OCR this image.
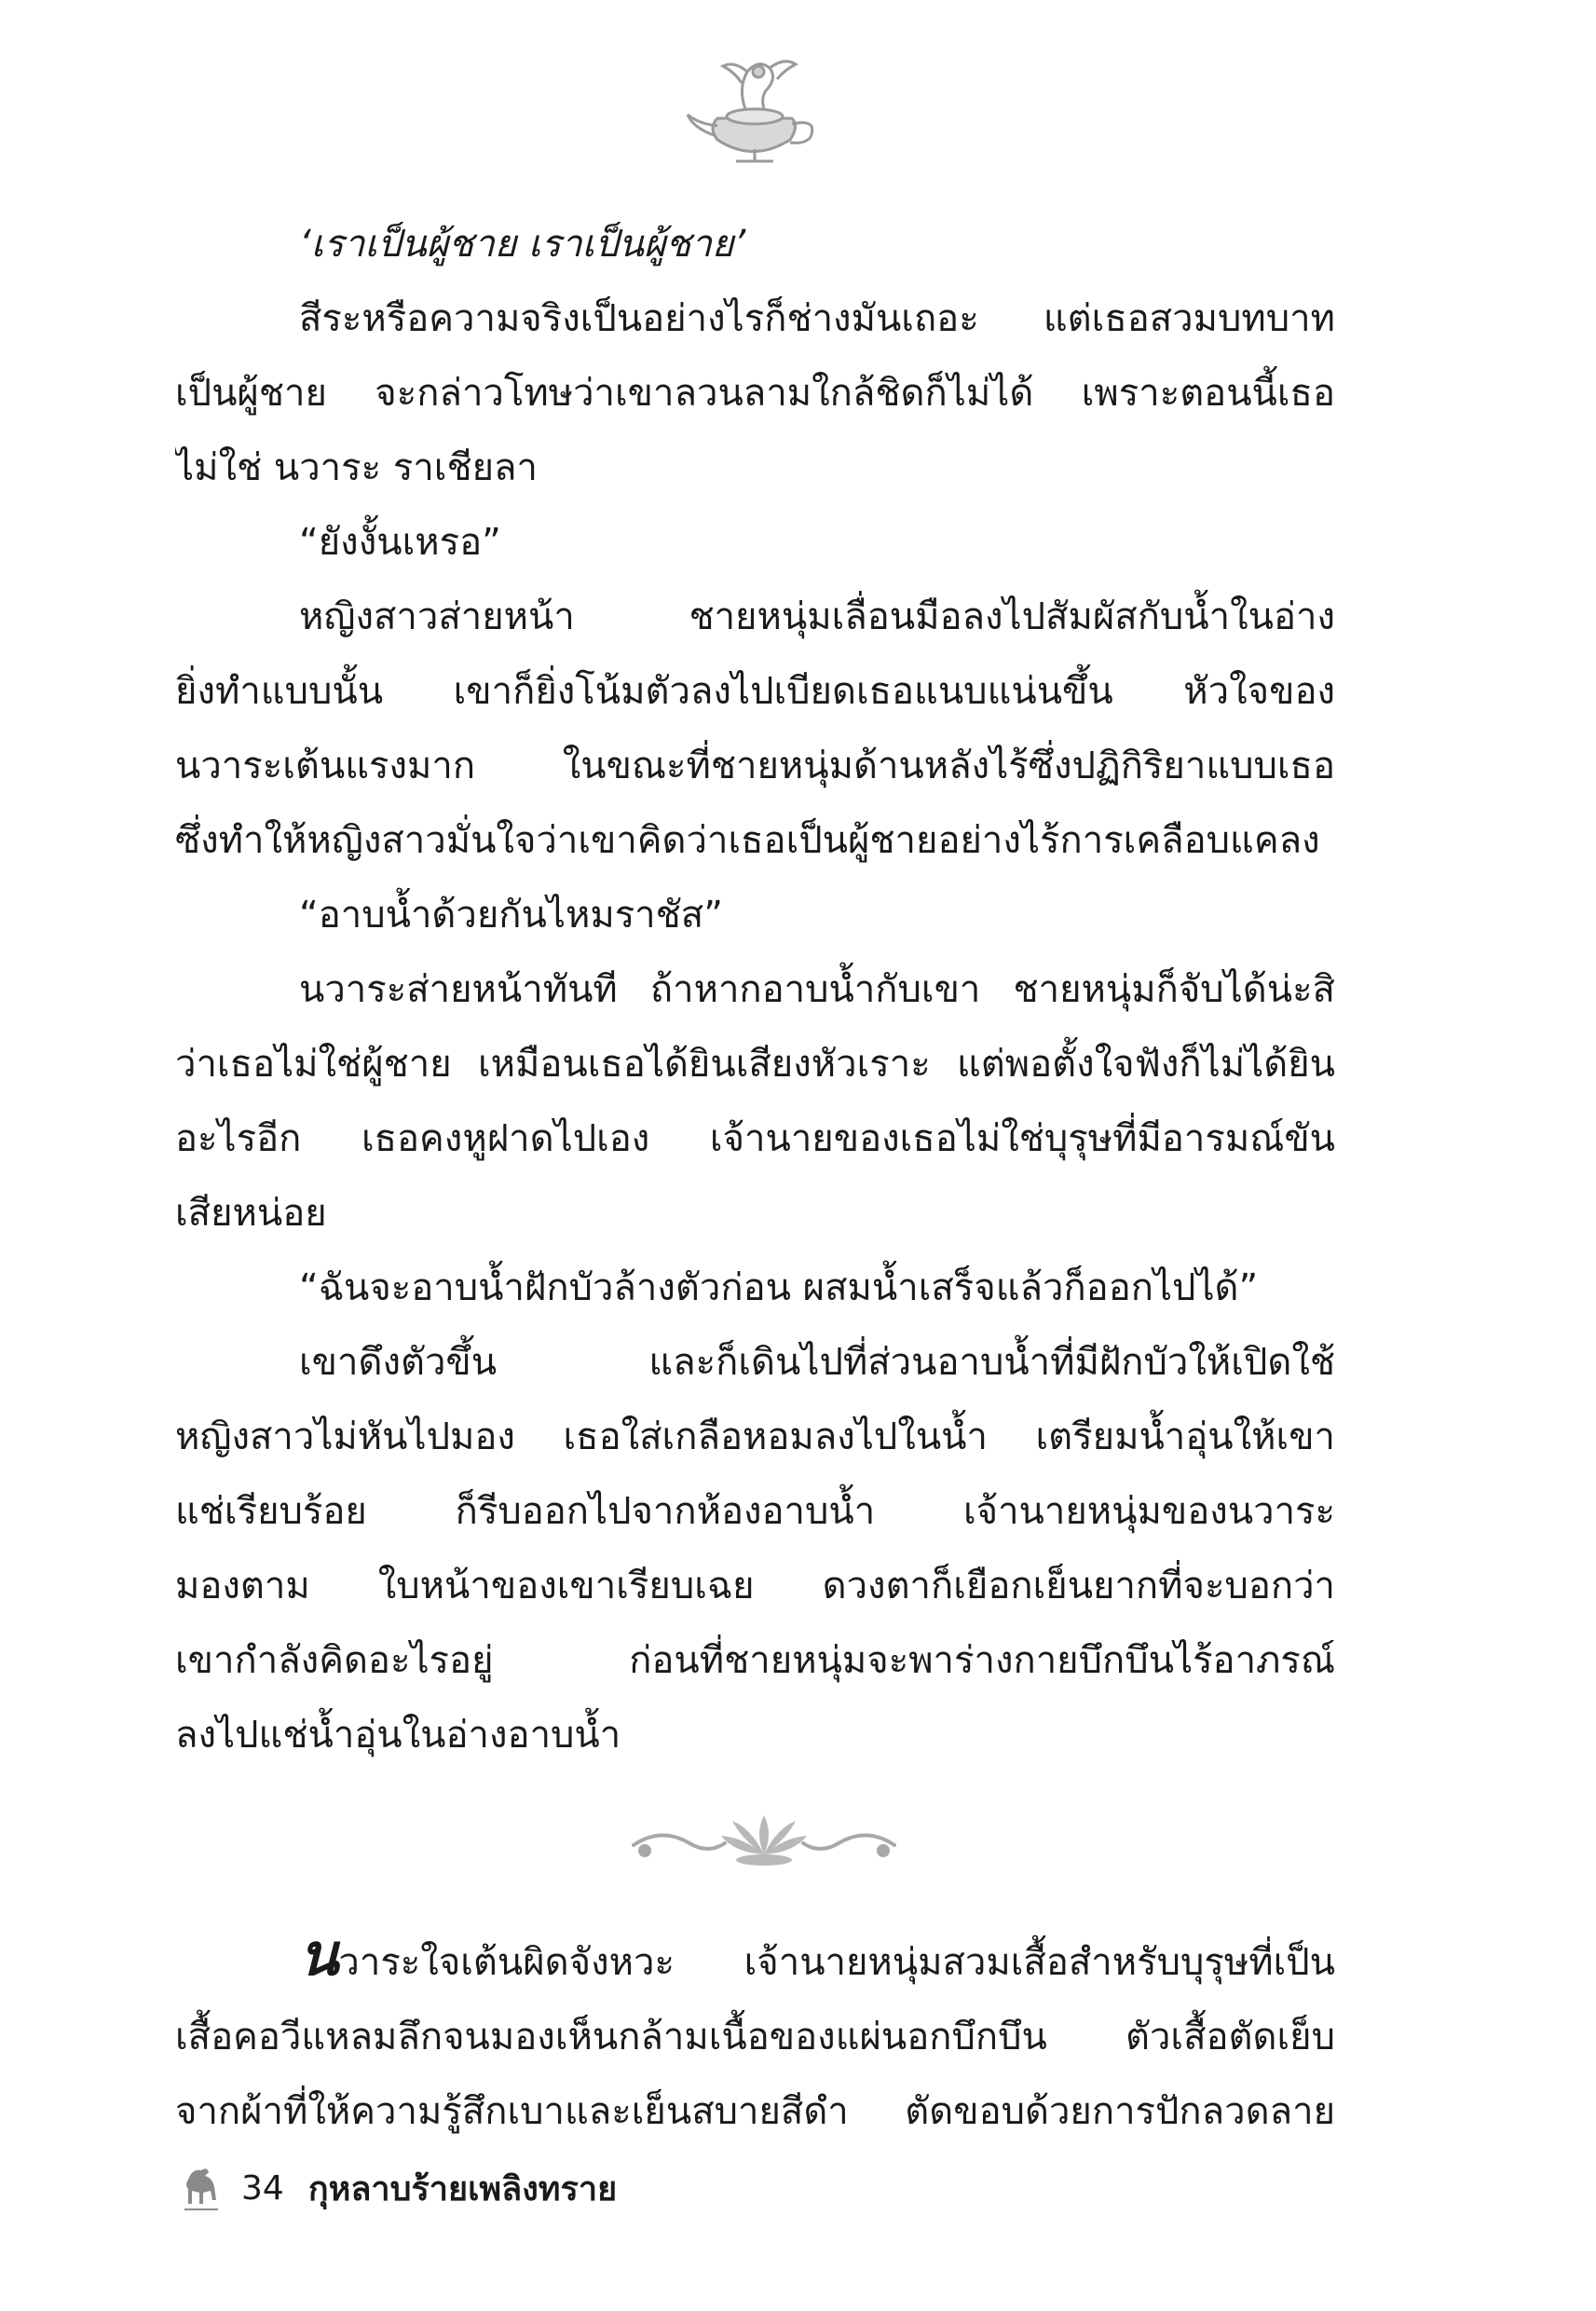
‘เราเป็นผู้ชาย เราเป็นผู้ชาย’
สีระหรือความจริงเป็นอย่างไรก็ช่างมันเถอะ แต่เธอสวมบทบาท
เป็นผู้ชาย จะกล่าวโทษว่าเขาลวนลามใกล้ชิดก็ไม่ได้ เพราะตอนนี้เธอ
ไม่ใช่ นวาระ ราเชียลา
“ยังงั้นเหรอ”
หญิงสาวส่ายหน้า ชายหนุ่มเลื่อนมือลงไปสัมผัสกับน้ำในอ่าง
ยิ่งทำแบบนั้น เขาก็ยิ่งโน้มตัวลงไปเบียดเธอแนบแน่นขึ้น หัวใจของ
นวาระเต้นแรงมาก ในขณะที่ชายหนุ่มด้านหลังไร้ซึ่งปฏิกิริยาแบบเธอ
ซึ่งทำให้หญิงสาวมั่นใจว่าเขาคิดว่าเธอเป็นผู้ชายอย่างไร้การเคลือบแคลง
“อาบน้ำด้วยกันไหมราชัส”
นวาระส่ายหน้าทันที ถ้าหากอาบน้ำกับเขา ชายหนุ่มก็จับได้น่ะสิ
ว่าเธอไม่ใช่ผู้ชาย เหมือนเธอได้ยินเสียงหัวเราะ แต่พอตั้งใจฟังก็ไม่ได้ยิน
อะไรอีก เธอคงหูฝาดไปเอง เจ้านายของเธอไม่ใช่บุรุษที่มีอารมณ์ขัน
เสียหน่อย
“ฉันจะอาบน้ำฝักบัวล้างตัวก่อน ผสมน้ำเสร็จแล้วก็ออกไปได้”
เขาดึงตัวขึ้น และก็เดินไปที่ส่วนอาบน้ำที่มีฝักบัวให้เปิดใช้
หญิงสาวไม่หันไปมอง เธอใส่เกลือหอมลงไปในน้ำ เตรียมน้ำอุ่นให้เขา
แช่เรียบร้อย ก็รีบออกไปจากห้องอาบน้ำ เจ้านายหนุ่มของนวาระ
มองตาม ใบหน้าของเขาเรียบเฉย ดวงตาก็เยือกเย็นยากที่จะบอกว่า
เขากำลังคิดอะไรอยู่ ก่อนที่ชายหนุ่มจะพาร่างกายบึกบึนไร้อาภรณ์
ลงไปแช่น้ำอุ่นในอ่างอาบน้ำ
นวาระใจเต้นผิดจังหวะ เจ้านายหนุ่มสวมเสื้อสำหรับบุรุษที่เป็น
เสื้อคอวีแหลมลึกจนมองเห็นกล้ามเนื้อของแผ่นอกบึกบึน ตัวเสื้อตัดเย็บ
จากผ้าที่ให้ความรู้สึกเบาและเย็นสบายสีดำ ตัดขอบด้วยการปักลวดลาย
34 กุหลาบร้ายเพลิงทราย
